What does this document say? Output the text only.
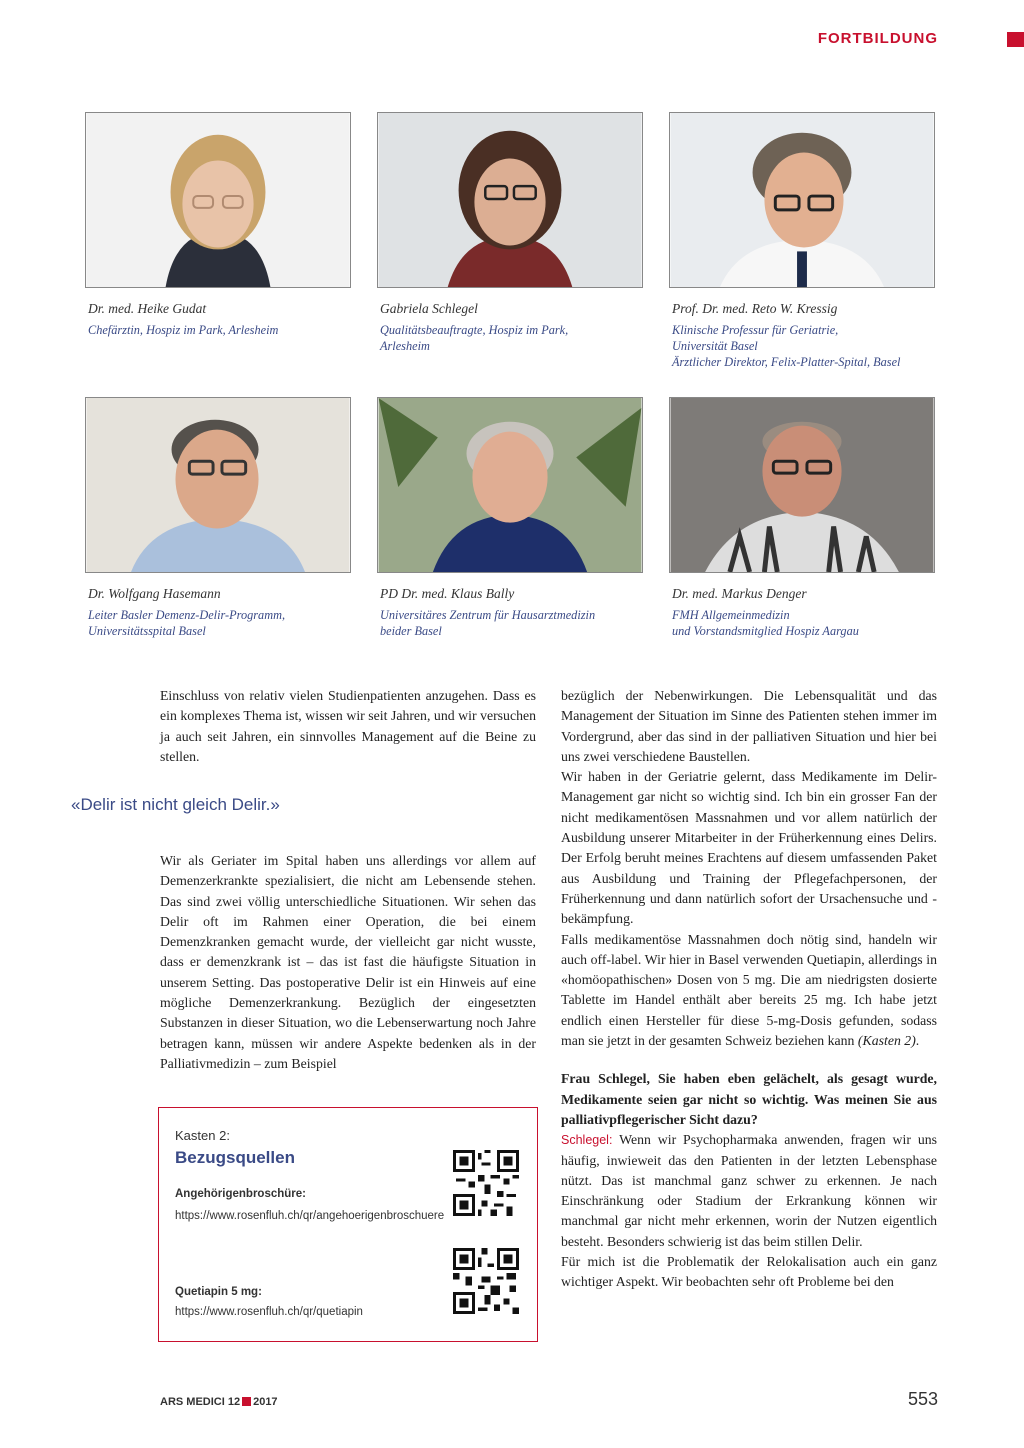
FORTBILDUNG
Dr. med. Heike Gudat
Chefärztin, Hospiz im Park, Arlesheim
Gabriela Schlegel
Qualitätsbeauftragte, Hospiz im Park,
Arlesheim
Prof. Dr. med. Reto W. Kressig
Klinische Professur für Geriatrie,
Universität Basel
Ärztlicher Direktor, Felix-Platter-Spital, Basel
Dr. Wolfgang Hasemann
Leiter Basler Demenz-Delir-Programm,
Universitätsspital Basel
PD Dr. med. Klaus Bally
Universitäres Zentrum für Hausarztmedizin
beider Basel
Dr. med. Markus Denger
FMH Allgemeinmedizin
und Vorstandsmitglied Hospiz Aargau

Einschluss von relativ vielen Studienpatienten anzugehen. Dass es ein komplexes Thema ist, wissen wir seit Jahren, und wir versuchen ja auch seit Jahren, ein sinnvolles Management auf die Beine zu stellen.

«Delir ist nicht gleich Delir.»

Wir als Geriater im Spital haben uns allerdings vor allem auf Demenzerkrankte spezialisiert, die nicht am Lebensende stehen. Das sind zwei völlig unterschiedliche Situationen. Wir sehen das Delir oft im Rahmen einer Operation, die bei einem Demenzkranken gemacht wurde, der vielleicht gar nicht wusste, dass er demenzkrank ist – das ist fast die häufigste Situation in unserem Setting. Das postoperative Delir ist ein Hinweis auf eine mögliche Demenzerkrankung. Bezüglich der eingesetzten Substanzen in dieser Situation, wo die Lebenserwartung noch Jahre betragen kann, müssen wir andere Aspekte bedenken als in der Palliativmedizin – zum Beispiel

bezüglich der Nebenwirkungen. Die Lebensqualität und das Management der Situation im Sinne des Patienten stehen immer im Vordergrund, aber das sind in der palliativen Situation und hier bei uns zwei verschiedene Baustellen.

Wir haben in der Geriatrie gelernt, dass Medikamente im Delir-Management gar nicht so wichtig sind. Ich bin ein grosser Fan der nicht medikamentösen Massnahmen und vor allem natürlich der Ausbildung unserer Mitarbeiter in der Früherkennung eines Delirs. Der Erfolg beruht meines Erachtens auf diesem umfassenden Paket aus Ausbildung und Training der Pflegefachpersonen, der Früherkennung und dann natürlich sofort der Ursachensuche und -bekämpfung.

Falls medikamentöse Massnahmen doch nötig sind, handeln wir auch off-label. Wir hier in Basel verwenden Quetiapin, allerdings in «homöopathischen» Dosen von 5 mg. Die am niedrigsten dosierte Tablette im Handel enthält aber bereits 25 mg. Ich habe jetzt endlich einen Hersteller für diese 5-mg-Dosis gefunden, sodass man sie jetzt in der gesamten Schweiz beziehen kann (Kasten 2).

Frau Schlegel, Sie haben eben gelächelt, als gesagt wurde, Medikamente seien gar nicht so wichtig. Was meinen Sie aus palliativpflegerischer Sicht dazu?

Schlegel: Wenn wir Psychopharmaka anwenden, fragen wir uns häufig, inwieweit das den Patienten in der letzten Lebensphase nützt. Das ist manchmal ganz schwer zu erkennen. Je nach Einschränkung oder Stadium der Erkrankung können wir manchmal gar nicht mehr erkennen, worin der Nutzen eigentlich besteht. Besonders schwierig ist das beim stillen Delir.

Für mich ist die Problematik der Relokalisation auch ein ganz wichtiger Aspekt. Wir beobachten sehr oft Probleme bei den

Kasten 2:
Bezugsquellen
Angehörigenbroschüre:
https://www.rosenfluh.ch/qr/angehoerigenbroschuere
Quetiapin 5 mg:
https://www.rosenfluh.ch/qr/quetiapin
ARS MEDICI 12 2017	553
